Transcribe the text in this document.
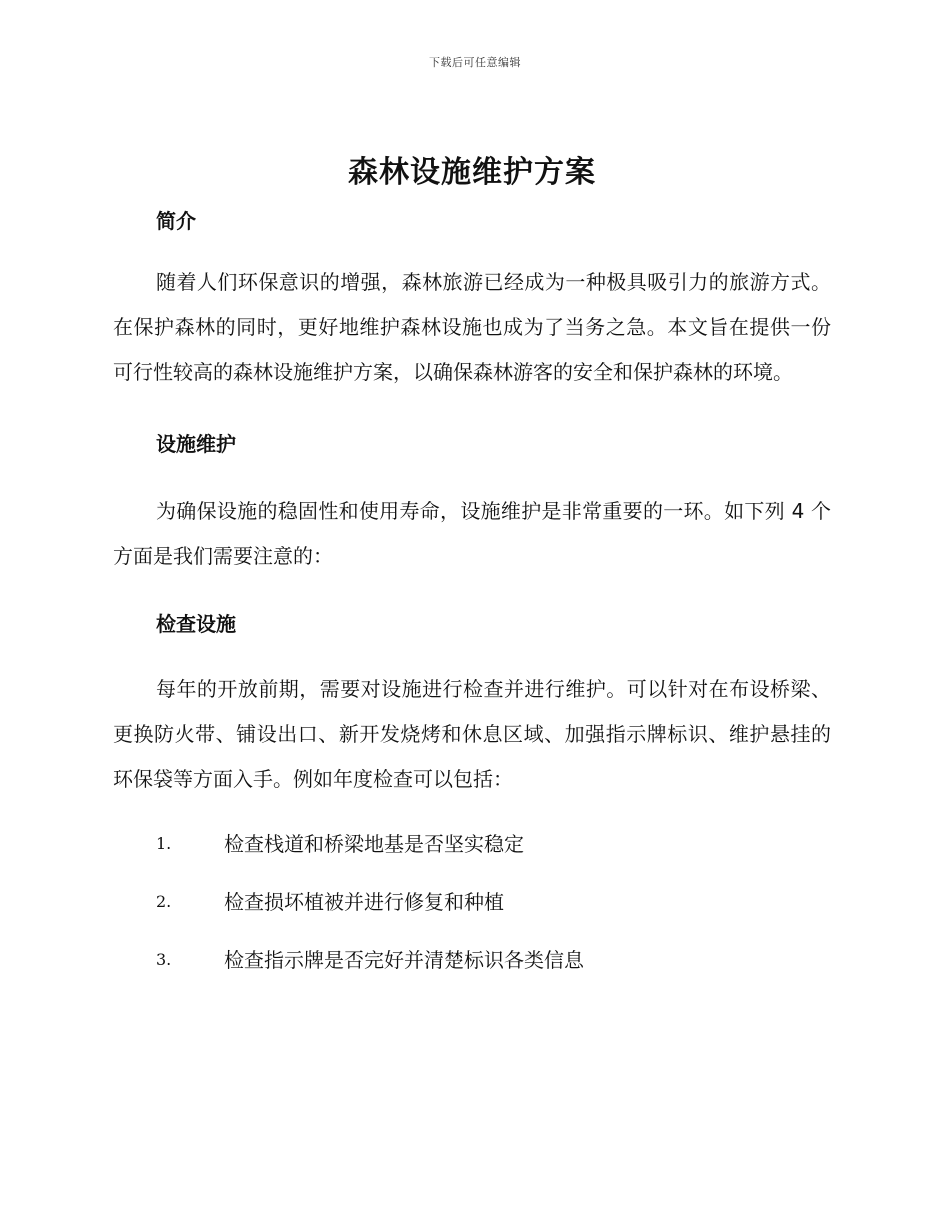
下载后可任意编辑
森林设施维护方案
简介

随着人们环保意识的增强，森林旅游已经成为一种极具吸引力的旅游方式。在保护森林的同时，更好地维护森林设施也成为了当务之急。本文旨在提供一份可行性较高的森林设施维护方案，以确保森林游客的安全和保护森林的环境。

设施维护

为确保设施的稳固性和使用寿命，设施维护是非常重要的一环。如下列 4 个方面是我们需要注意的：

检查设施

每年的开放前期，需要对设施进行检查并进行维护。可以针对在布设桥梁、更换防火带、铺设出口、新开发烧烤和休息区域、加强指示牌标识、维护悬挂的环保袋等方面入手。例如年度检查可以包括：

1.	检查栈道和桥梁地基是否坚实稳定
2.	检查损坏植被并进行修复和种植
3.	检查指示牌是否完好并清楚标识各类信息
